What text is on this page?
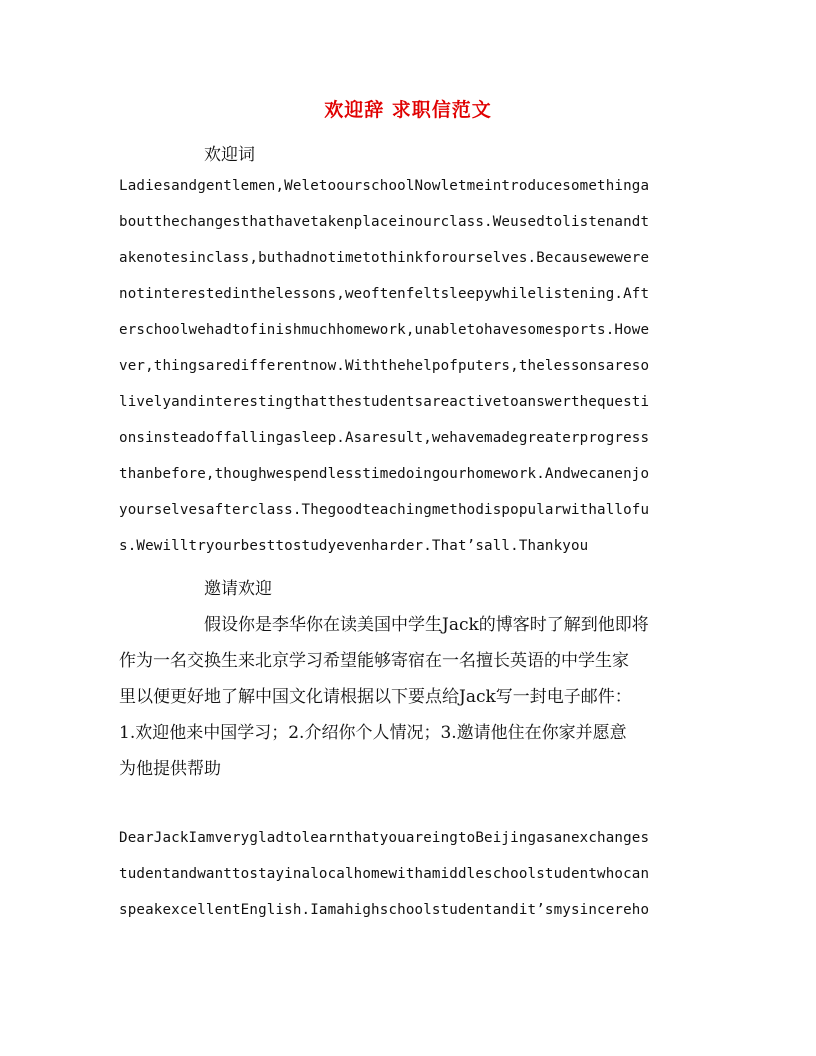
欢迎辞 求职信范文
欢迎词
Ladiesandgentlemen,WeletoourschoolNowletmeintroducesomethinga
boutthechangesthathavetakenplaceinourclass.Weusedtolistenandt
akenotesinclass,buthadnotimetothinkforourselves.Becausewewere
notinterestedinthelessons,weoftenfeltsleepywhilelistening.Aft
erschoolwehadtofinishmuchhomework,unabletohavesomesports.Howe
ver,thingsaredifferentnow.Withthehelpofputers,thelessonsareso
livelyandinterestingthatthestudentsareactivetoanswerthequesti
onsinsteadoffallingasleep.Asaresult,wehavemadegreaterprogress
thanbefore,thoughwespendlesstimedoingourhomework.Andwecanenjo
yourselvesafterclass.Thegoodteachingmethodispopularwithallofu
s.Wewilltryourbesttostudyevenharder.That’sall.Thankyou
邀请欢迎
假设你是李华你在读美国中学生Jack的博客时了解到他即将
作为一名交换生来北京学习希望能够寄宿在一名擅长英语的中学生家
里以便更好地了解中国文化请根据以下要点给Jack写一封电子邮件：
1.欢迎他来中国学习；2.介绍你个人情况；3.邀请他住在你家并愿意
为他提供帮助
DearJackIamverygladtolearnthatyouareingtoBeijingasanexchanges
tudentandwanttostayinalocalhomewithamiddleschoolstudentwhocan
speakexcellentEnglish.Iamahighschoolstudentandit’smysincereho
